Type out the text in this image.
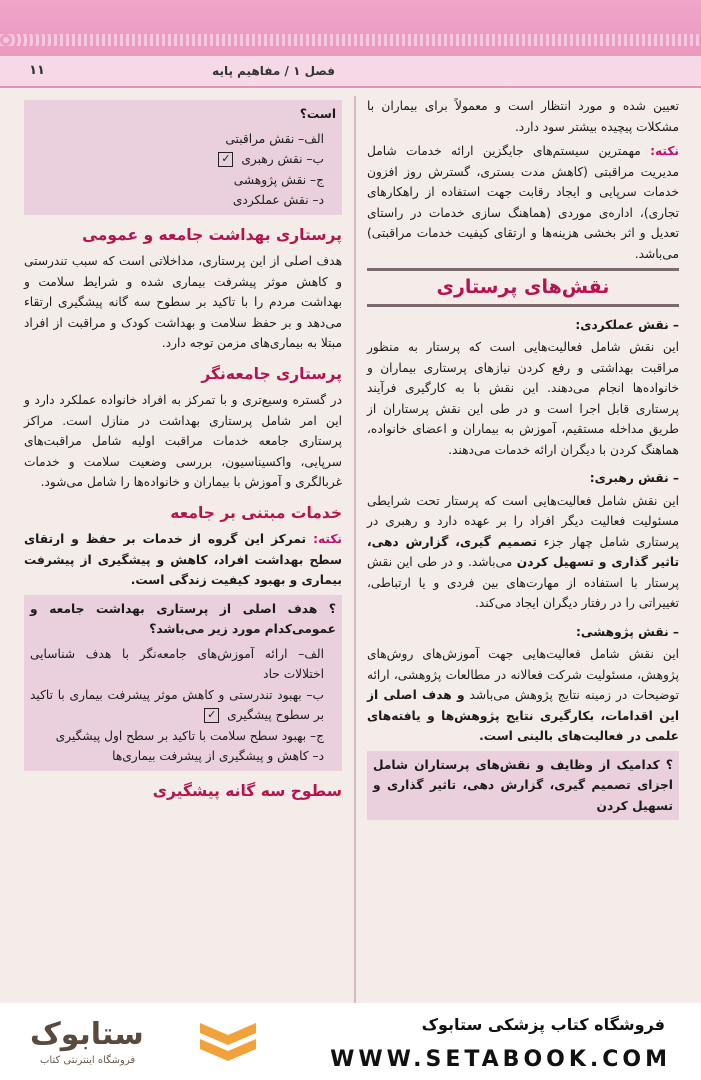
۱۱	فصل ۱ / مفاهیم پایه

تعیین شده و مورد انتظار است و معمولاً برای بیماران با مشکلات پیچیده بیشتر سود دارد.

نکته: مهمترین سیستم‌های جایگزین ارائه خدمات شامل مدیریت مراقبتی (کاهش مدت بستری، گسترش روز افزون خدمات سرپایی و ایجاد رقابت جهت استفاده از راهکارهای تجاری)، اداره‌ی موردی (هماهنگ سازی خدمات در راستای تعدیل و اثر بخشی هزینه‌ها و ارتقای کیفیت خدمات مراقبتی) می‌باشد.

نقش‌های پرستاری
– نقش عملکردی:

این نقش شامل فعالیت‌هایی است که پرستار به منظور مراقبت بهداشتی و رفع کردن نیازهای پرستاری بیماران و خانواده‌ها انجام می‌دهند. این نقش با به کارگیری فرآیند پرستاری قابل اجرا است و در طی این نقش پرستاران از طریق مداخله مستقیم، آموزش به بیماران و اعضای خانواده، هماهنگ کردن با دیگران ارائه خدمات می‌دهند.

– نقش رهبری:

این نقش شامل فعالیت‌هایی است که پرستار تحت شرایطی مسئولیت فعالیت دیگر افراد را بر عهده دارد و رهبری در پرستاری شامل چهار جزء تصمیم گیری، گزارش دهی، تاثیر گذاری و تسهیل کردن می‌باشد. و در طی این نقش پرستار با استفاده از مهارت‌های بین فردی و یا ارتباطی، تغییراتی را در رفتار دیگران ایجاد می‌کند.

– نقش پژوهشی:

این نقش شامل فعالیت‌هایی جهت آموزش‌های روش‌های پژوهش، مسئولیت شرکت فعالانه در مطالعات پژوهشی، ارائه توضیحات در زمینه نتایج پژوهش می‌باشد و هدف اصلی از این اقدامات، بکارگیری نتایج پژوهش‌ها و یافته‌های علمی در فعالیت‌های بالینی است.

؟ کدامیک از وظایف و نقش‌های پرستاران شامل اجزای تصمیم گیری، گزارش دهی، تاثیر گذاری و تسهیل کردن

است؟

الف– نقش مراقبتی

ب– نقش رهبری ✓

ج– نقش پژوهشی

د– نقش عملکردی

پرستاری بهداشت جامعه و عمومی

هدف اصلی از این پرستاری، مداخلاتی است که سبب تندرستی و کاهش موثر پیشرفت بیماری شده و شرایط سلامت و بهداشت مردم را با تاکید بر سطوح سه گانه پیشگیری ارتقاء می‌دهد و بر حفظ سلامت و بهداشت کودک و مراقبت از افراد مبتلا به بیماری‌های مزمن توجه دارد.

پرستاری جامعه‌نگر

در گستره وسیع‌تری و با تمرکز به افراد خانواده عملکرد دارد و این امر شامل پرستاری بهداشت در منازل است. مراکز پرستاری جامعه خدمات مراقبت اولیه شامل مراقبت‌های سرپایی، واکسیناسیون، بررسی وضعیت سلامت و خدمات غربالگری و آموزش با بیماران و خانواده‌ها را شامل می‌شود.

خدمات مبتنی بر جامعه

نکته: تمرکز این گروه از خدمات بر حفظ و ارتقای سطح بهداشت افراد، کاهش و پیشگیری از پیشرفت بیماری و بهبود کیفیت زندگی است.

؟ هدف اصلی از پرستاری بهداشت جامعه و عمومی‌کدام مورد زیر می‌باشد؟

الف– ارائه آموزش‌های جامعه‌نگر با هدف شناسایی اختلالات حاد

ب– بهبود تندرستی و کاهش موثر پیشرفت بیماری با تاکید بر سطوح پیشگیری ✓

ج– بهبود سطح سلامت با تاکید بر سطح اول پیشگیری

د– کاهش و پیشگیری از پیشرفت بیماری‌ها

سطوح سه گانه پیشگیری
ستابوک
فروشگاه اینترنتی کتاب
فروشگاه کتاب پزشکی ستابوک
WWW.SETABOOK.COM
